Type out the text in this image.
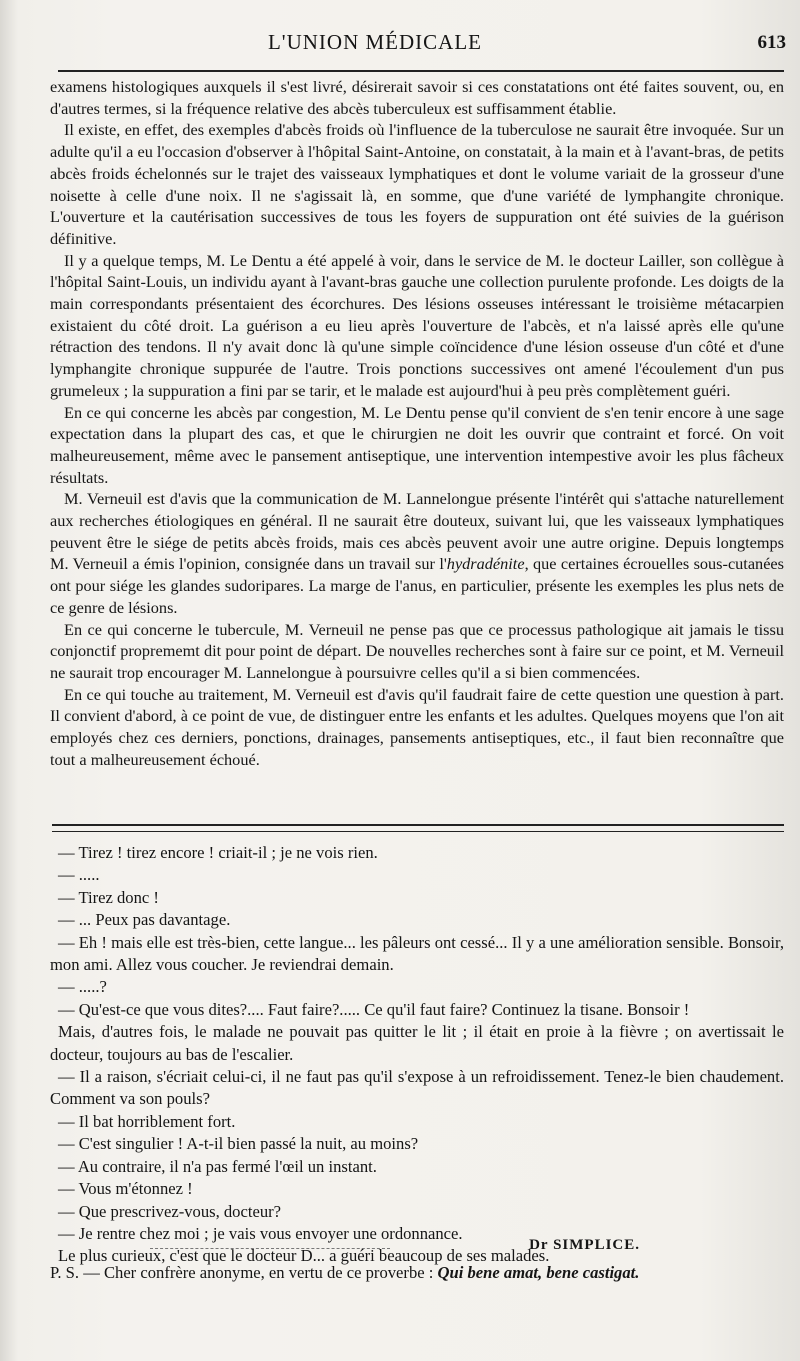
L'UNION MÉDICALE	613

examens histologiques auxquels il s'est livré, désirerait savoir si ces constatations ont été faites souvent, ou, en d'autres termes, si la fréquence relative des abcès tuberculeux est suffisamment établie.

Il existe, en effet, des exemples d'abcès froids où l'influence de la tuberculose ne saurait être invoquée. Sur un adulte qu'il a eu l'occasion d'observer à l'hôpital Saint-Antoine, on constatait, à la main et à l'avant-bras, de petits abcès froids échelonnés sur le trajet des vaisseaux lymphatiques et dont le volume variait de la grosseur d'une noisette à celle d'une noix. Il ne s'agissait là, en somme, que d'une variété de lymphangite chronique. L'ouverture et la cautérisation successives de tous les foyers de suppuration ont été suivies de la guérison définitive.

Il y a quelque temps, M. Le Dentu a été appelé à voir, dans le service de M. le docteur Lailler, son collègue à l'hôpital Saint-Louis, un individu ayant à l'avant-bras gauche une collection purulente profonde. Les doigts de la main correspondants présentaient des écorchures. Des lésions osseuses intéressant le troisième métacarpien existaient du côté droit. La guérison a eu lieu après l'ouverture de l'abcès, et n'a laissé après elle qu'une rétraction des tendons. Il n'y avait donc là qu'une simple coïncidence d'une lésion osseuse d'un côté et d'une lymphangite chronique suppurée de l'autre. Trois ponctions successives ont amené l'écoulement d'un pus grumeleux ; la suppuration a fini par se tarir, et le malade est aujourd'hui à peu près complètement guéri.

En ce qui concerne les abcès par congestion, M. Le Dentu pense qu'il convient de s'en tenir encore à une sage expectation dans la plupart des cas, et que le chirurgien ne doit les ouvrir que contraint et forcé. On voit malheureusement, même avec le pansement antiseptique, une intervention intempestive avoir les plus fâcheux résultats.

M. Verneuil est d'avis que la communication de M. Lannelongue présente l'intérêt qui s'attache naturellement aux recherches étiologiques en général. Il ne saurait être douteux, suivant lui, que les vaisseaux lymphatiques peuvent être le siége de petits abcès froids, mais ces abcès peuvent avoir une autre origine. Depuis longtemps M. Verneuil a émis l'opinion, consignée dans un travail sur l'hydradénite, que certaines écrouelles sous-cutanées ont pour siége les glandes sudoripares. La marge de l'anus, en particulier, présente les exemples les plus nets de ce genre de lésions.

En ce qui concerne le tubercule, M. Verneuil ne pense pas que ce processus pathologique ait jamais le tissu conjonctif proprememt dit pour point de départ. De nouvelles recherches sont à faire sur ce point, et M. Verneuil ne saurait trop encourager M. Lannelongue à poursuivre celles qu'il a si bien commencées.

En ce qui touche au traitement, M. Verneuil est d'avis qu'il faudrait faire de cette question une question à part. Il convient d'abord, à ce point de vue, de distinguer entre les enfants et les adultes. Quelques moyens que l'on ait employés chez ces derniers, ponctions, drainages, pansements antiseptiques, etc., il faut bien reconnaître que tout a malheureusement échoué.

— Tirez ! tirez encore ! criait-il ; je ne vois rien.

— .....

— Tirez donc !

— ... Peux pas davantage.

— Eh ! mais elle est très-bien, cette langue... les pâleurs ont cessé... Il y a une amélioration sensible. Bonsoir, mon ami. Allez vous coucher. Je reviendrai demain.

— .....?

— Qu'est-ce que vous dites?.... Faut faire?..... Ce qu'il faut faire? Continuez la tisane. Bonsoir !

Mais, d'autres fois, le malade ne pouvait pas quitter le lit ; il était en proie à la fièvre ; on avertissait le docteur, toujours au bas de l'escalier.

— Il a raison, s'écriait celui-ci, il ne faut pas qu'il s'expose à un refroidissement. Tenez-le bien chaudement. Comment va son pouls?

— Il bat horriblement fort.

— C'est singulier ! A-t-il bien passé la nuit, au moins?

— Au contraire, il n'a pas fermé l'œil un instant.

— Vous m'étonnez !

— Que prescrivez-vous, docteur?

— Je rentre chez moi ; je vais vous envoyer une ordonnance.

Le plus curieux, c'est que le docteur D... a guéri beaucoup de ses malades.

Dr SIMPLICE.
P. S. — Cher confrère anonyme, en vertu de ce proverbe : Qui bene amat, bene castigat.
